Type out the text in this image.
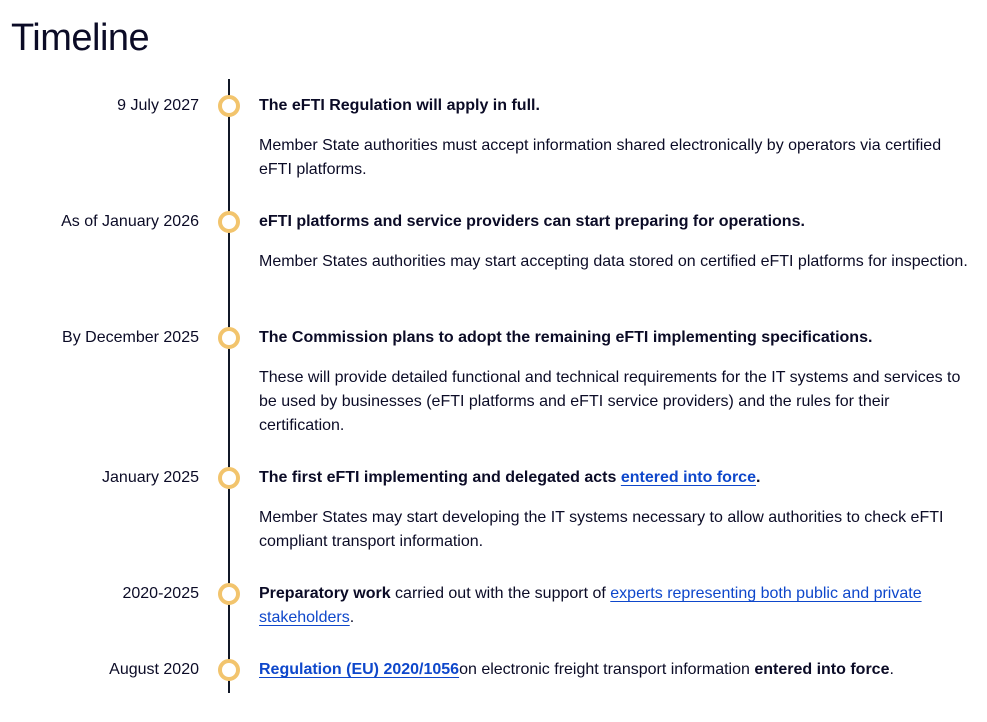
Timeline
9 July 2027	The eFTI Regulation will apply in full.

Member State authorities must accept information shared electronically by operators via certified eFTI platforms.

As of January 2026	eFTI platforms and service providers can start preparing for operations.

Member States authorities may start accepting data stored on certified eFTI platforms for inspection.

By December 2025	The Commission plans to adopt the remaining eFTI implementing specifications.

These will provide detailed functional and technical requirements for the IT systems and services to be used by businesses (eFTI platforms and eFTI service providers) and the rules for their certification.

January 2025	The first eFTI implementing and delegated acts entered into force.

Member States may start developing the IT systems necessary to allow authorities to check eFTI compliant transport information.

2020-2025	Preparatory work carried out with the support of experts representing both public and private stakeholders.

August 2020	Regulation (EU) 2020/1056on electronic freight transport information entered into force.
